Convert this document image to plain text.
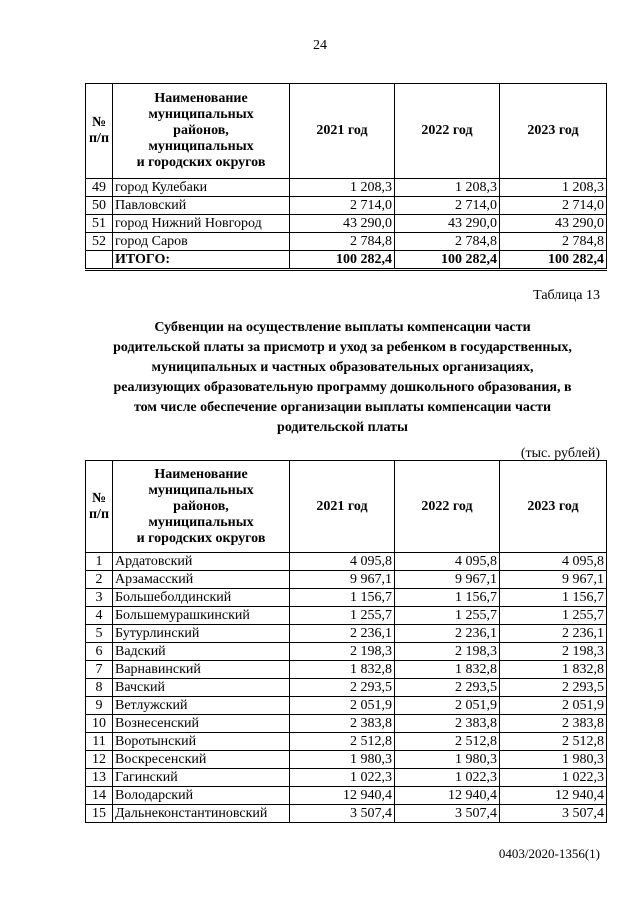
24
№ п/п	Наименование
муниципальных
районов,
муниципальных
и городских округов	2021 год	2022 год	2023 год
49	город Кулебаки	1 208,3	1 208,3	1 208,3
50	Павловский	2 714,0	2 714,0	2 714,0
51	город Нижний Новгород	43 290,0	43 290,0	43 290,0
52	город Саров	2 784,8	2 784,8	2 784,8
	ИТОГО:	100 282,4	100 282,4	100 282,4
Таблица 13
Субвенции на осуществление выплаты компенсации части
родительской платы за присмотр и уход за ребенком в государственных,
муниципальных и частных образовательных организациях,
реализующих образовательную программу дошкольного образования, в
том числе обеспечение организации выплаты компенсации части
родительской платы
(тыс. рублей)
№ п/п	Наименование
муниципальных
районов,
муниципальных
и городских округов	2021 год	2022 год	2023 год
1	Ардатовский	4 095,8	4 095,8	4 095,8
2	Арзамасский	9 967,1	9 967,1	9 967,1
3	Большеболдинский	1 156,7	1 156,7	1 156,7
4	Большемурашкинский	1 255,7	1 255,7	1 255,7
5	Бутурлинский	2 236,1	2 236,1	2 236,1
6	Вадский	2 198,3	2 198,3	2 198,3
7	Варнавинский	1 832,8	1 832,8	1 832,8
8	Вачский	2 293,5	2 293,5	2 293,5
9	Ветлужский	2 051,9	2 051,9	2 051,9
10	Вознесенский	2 383,8	2 383,8	2 383,8
11	Воротынский	2 512,8	2 512,8	2 512,8
12	Воскресенский	1 980,3	1 980,3	1 980,3
13	Гагинский	1 022,3	1 022,3	1 022,3
14	Володарский	12 940,4	12 940,4	12 940,4
15	Дальнеконстантиновский	3 507,4	3 507,4	3 507,4
0403/2020-1356(1)
